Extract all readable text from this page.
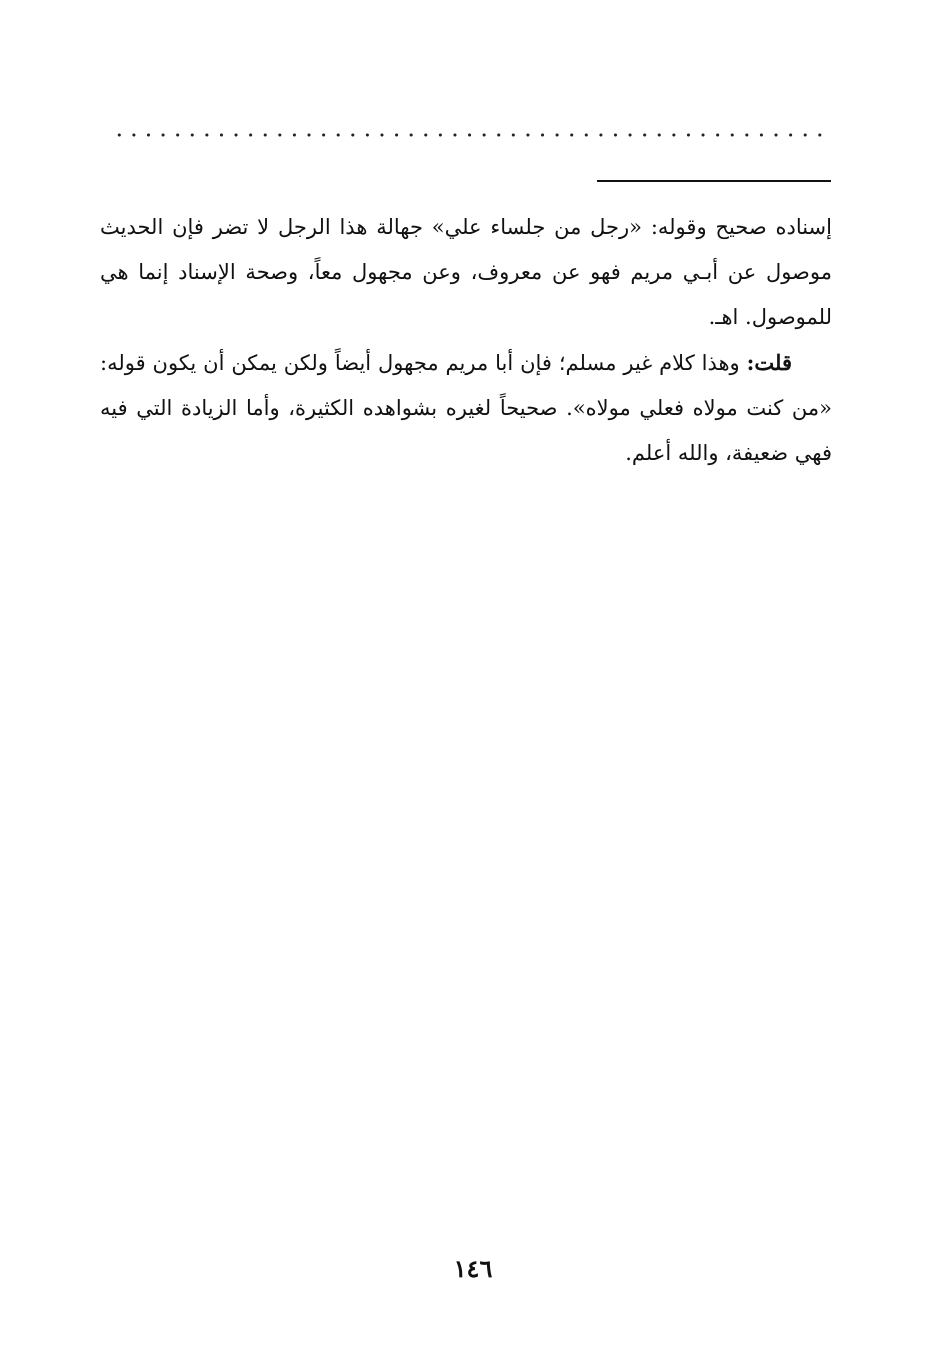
إسناده صحيح وقوله: «رجل من جلساء علي» جهالة هذا الرجل لا تضر فإن الحديث موصول عن أبـي مريم فهو عن معروف، وعن مجهول معاً، وصحة الإسناد إنما هي للموصول. اهـ.

قلت: وهذا كلام غير مسلم؛ فإن أبا مريم مجهول أيضاً ولكن يمكن أن يكون قوله: «من كنت مولاه فعلي مولاه». صحيحاً لغيره بشواهده الكثيرة، وأما الزيادة التي فيه فهي ضعيفة، والله أعلم.

١٤٦
